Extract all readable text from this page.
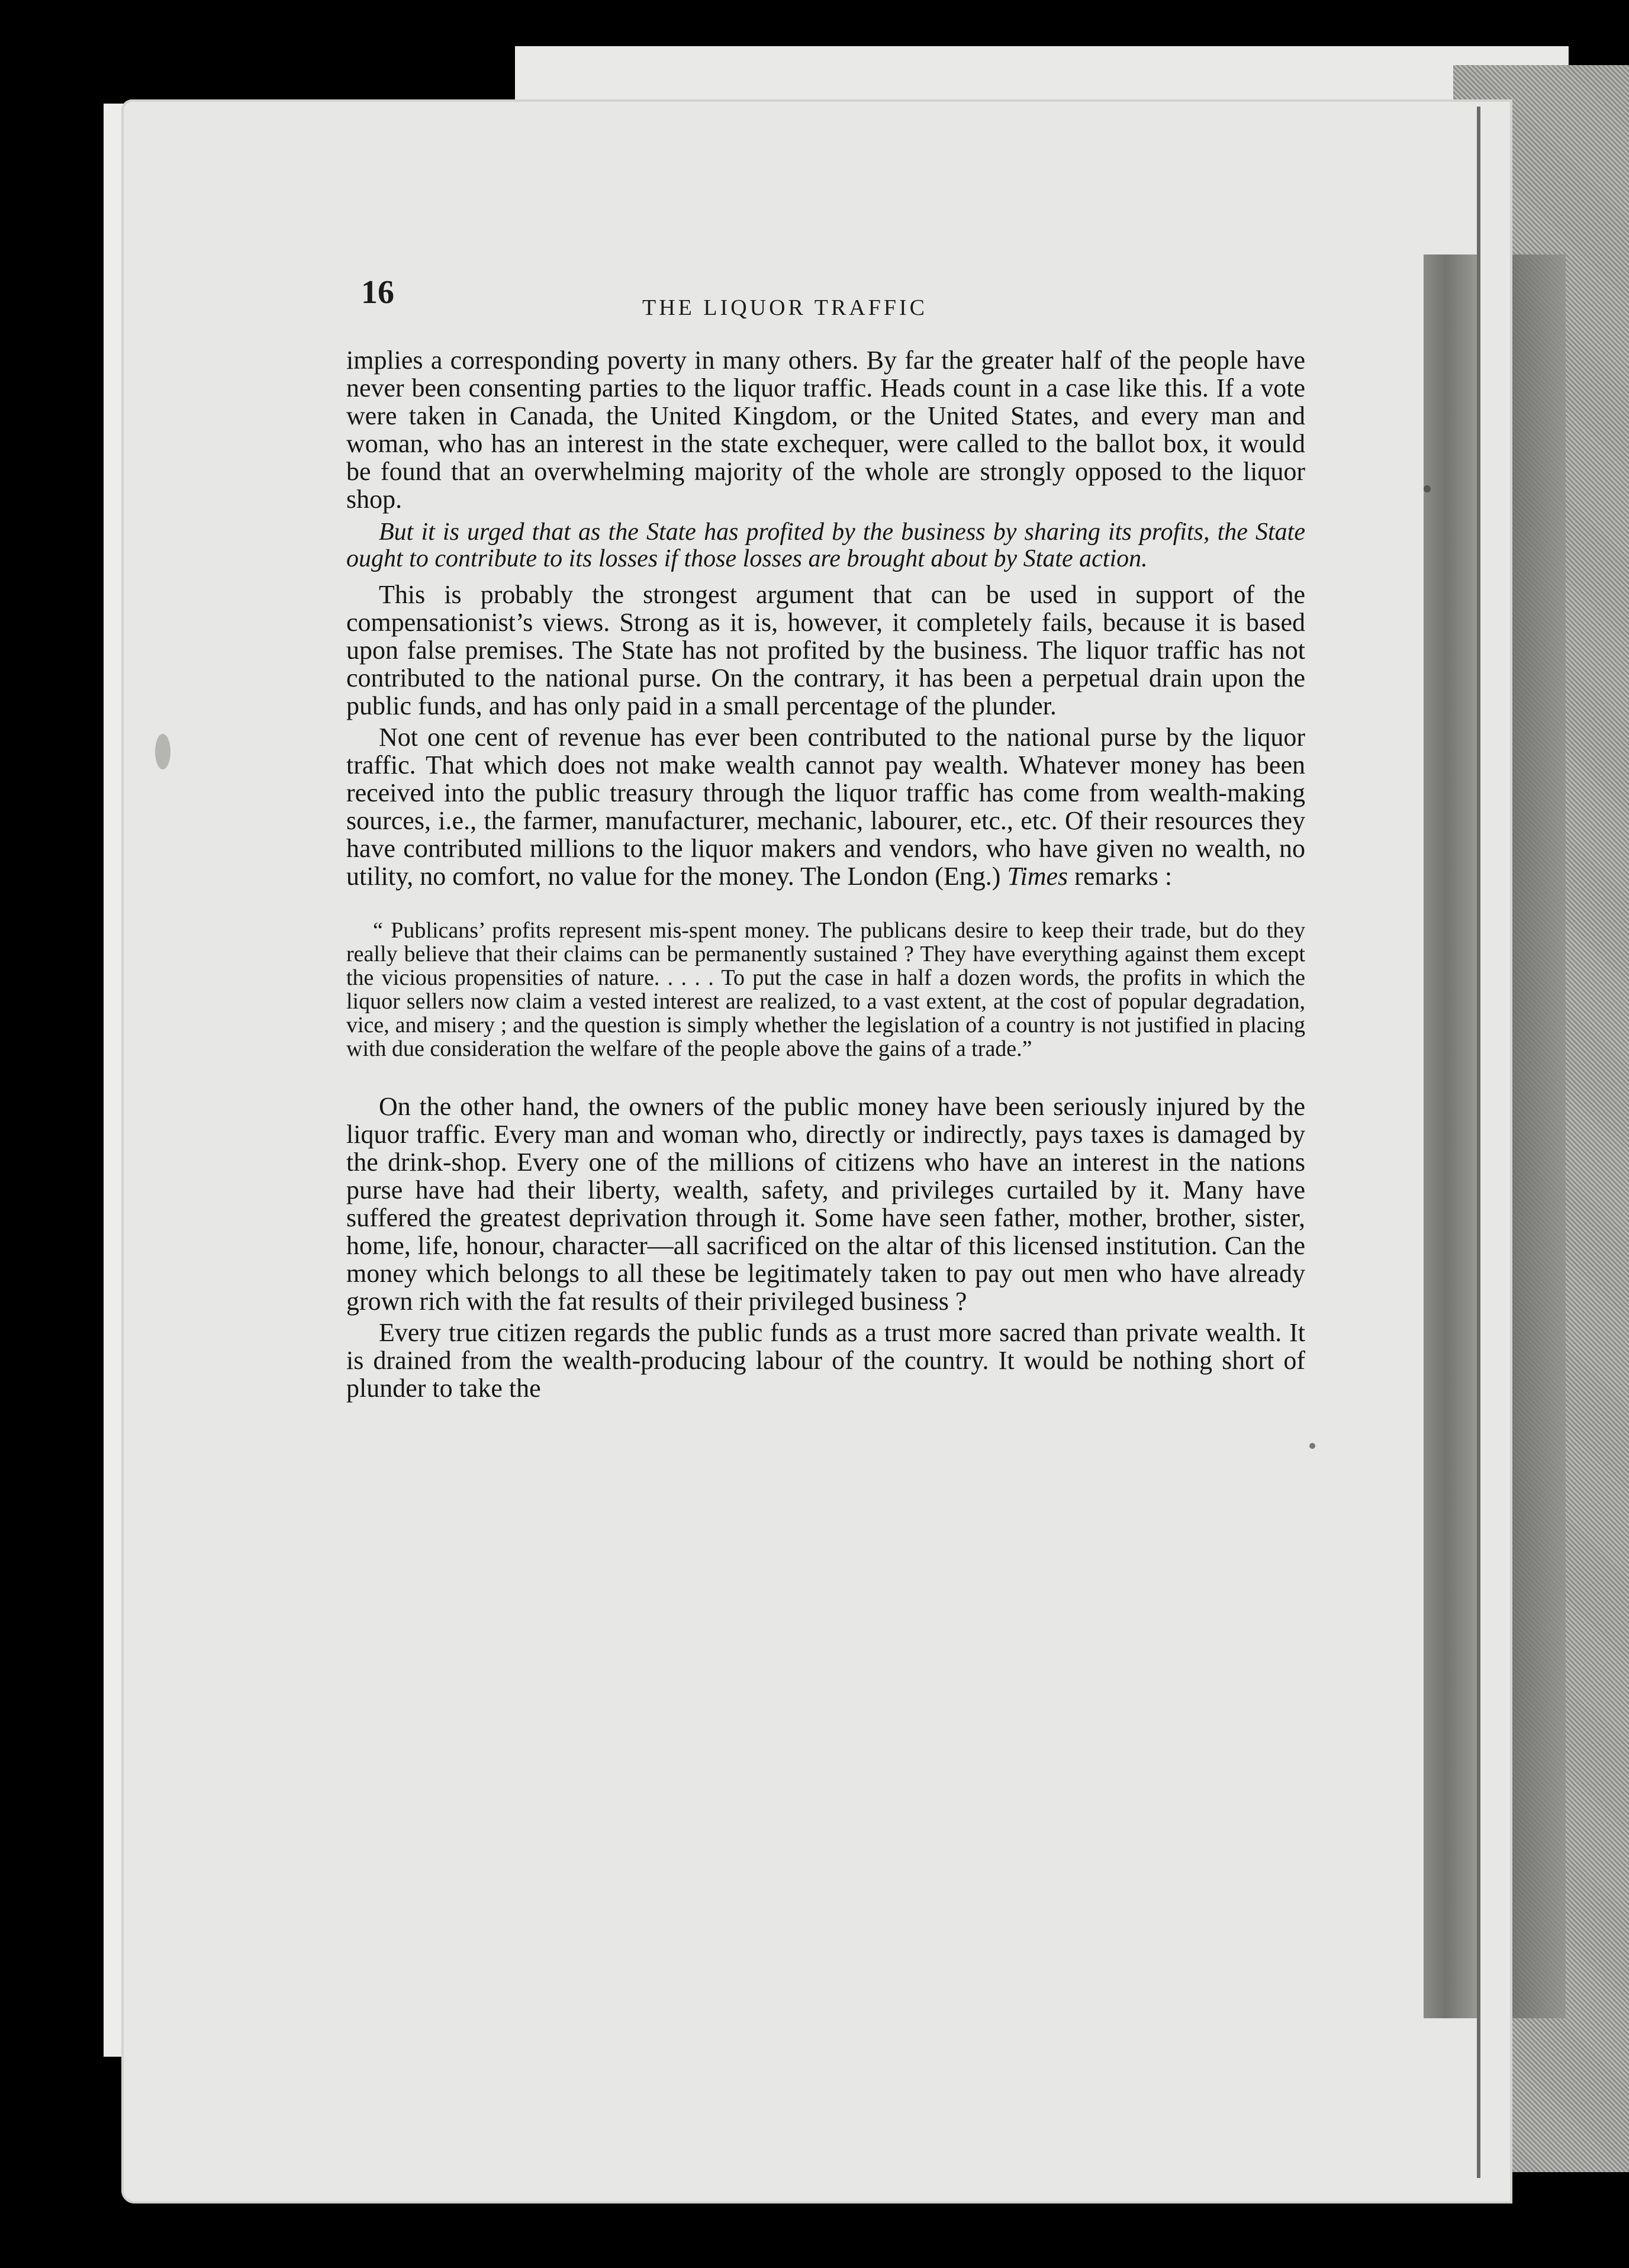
16	THE LIQUOR TRAFFIC

implies a corresponding poverty in many others. By far the greater half of the people have never been consenting parties to the liquor traffic. Heads count in a case like this. If a vote were taken in Canada, the United Kingdom, or the United States, and every man and woman, who has an interest in the state exchequer, were called to the ballot box, it would be found that an overwhelming majority of the whole are strongly opposed to the liquor shop.

But it is urged that as the State has profited by the business by sharing its profits, the State ought to contribute to its losses if those losses are brought about by State action.

This is probably the strongest argument that can be used in support of the compensationist’s views. Strong as it is, however, it completely fails, because it is based upon false premises. The State has not profited by the business. The liquor traffic has not contributed to the national purse. On the contrary, it has been a perpetual drain upon the public funds, and has only paid in a small percentage of the plunder.

Not one cent of revenue has ever been contributed to the national purse by the liquor traffic. That which does not make wealth cannot pay wealth. Whatever money has been received into the public treasury through the liquor traffic has come from wealth-making sources, i.e., the farmer, manufacturer, mechanic, labourer, etc., etc. Of their resources they have contributed millions to the liquor makers and vendors, who have given no wealth, no utility, no comfort, no value for the money. The London (Eng.) Times remarks :

“ Publicans’ profits represent mis-spent money. The publicans desire to keep their trade, but do they really believe that their claims can be permanently sustained ? They have everything against them except the vicious propensities of nature. . . . . To put the case in half a dozen words, the profits in which the liquor sellers now claim a vested interest are realized, to a vast extent, at the cost of popular degradation, vice, and misery ; and the question is simply whether the legislation of a country is not justified in placing with due consideration the welfare of the people above the gains of a trade.”

On the other hand, the owners of the public money have been seriously injured by the liquor traffic. Every man and woman who, directly or indirectly, pays taxes is damaged by the drink-shop. Every one of the millions of citizens who have an interest in the nations purse have had their liberty, wealth, safety, and privileges curtailed by it. Many have suffered the greatest deprivation through it. Some have seen father, mother, brother, sister, home, life, honour, character—all sacrificed on the altar of this licensed institution. Can the money which belongs to all these be legitimately taken to pay out men who have already grown rich with the fat results of their privileged business ?

Every true citizen regards the public funds as a trust more sacred than private wealth. It is drained from the wealth-producing labour of the country. It would be nothing short of plunder to take the
